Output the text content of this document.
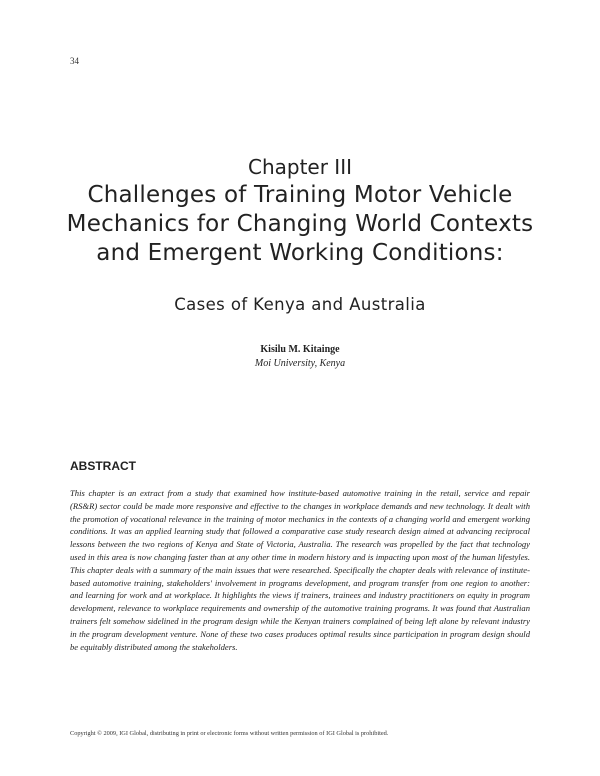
34
Chapter III
Challenges of Training Motor Vehicle Mechanics for Changing World Contexts and Emergent Working Conditions:
Cases of Kenya and Australia
Kisilu M. Kitainge
Moi University, Kenya
ABSTRACT

This chapter is an extract from a study that examined how institute-based automotive training in the retail, service and repair (RS&R) sector could be made more responsive and effective to the changes in workplace demands and new technology. It dealt with the promotion of vocational relevance in the training of motor mechanics in the contexts of a changing world and emergent working conditions. It was an applied learning study that followed a comparative case study research design aimed at advancing reciprocal lessons between the two regions of Kenya and State of Victoria, Australia. The research was propelled by the fact that technology used in this area is now changing faster than at any other time in modern history and is impacting upon most of the human lifestyles. This chapter deals with a summary of the main issues that were researched. Specifically the chapter deals with relevance of institute-based automotive training, stakeholders' involvement in programs development, and program transfer from one region to another: and learning for work and at workplace. It highlights the views if trainers, trainees and industry practitioners on equity in program development, relevance to workplace requirements and ownership of the automotive training programs. It was found that Australian trainers felt somehow sidelined in the program design while the Kenyan trainers complained of being left alone by relevant industry in the program development venture. None of these two cases produces optimal results since participation in program design should be equitably distributed among the stakeholders.

Copyright © 2009, IGI Global, distributing in print or electronic forms without written permission of IGI Global is prohibited.
